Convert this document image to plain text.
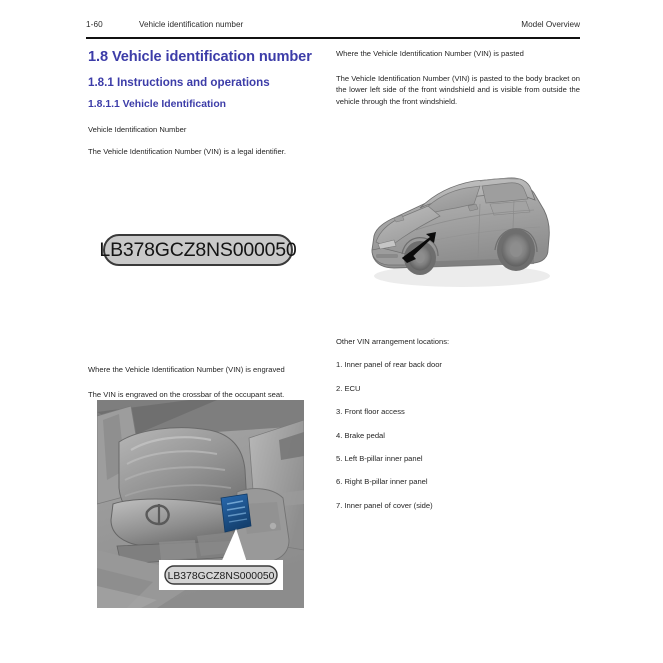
1-60	Vehicle identification number	Model Overview
1.8 Vehicle identification number
1.8.1 Instructions and operations
1.8.1.1 Vehicle Identification

Vehicle Identification Number

The Vehicle Identification Number (VIN) is a legal identifier.

LB378GCZ8NS000050

Where the Vehicle Identification Number (VIN) is pasted

The Vehicle Identification Number (VIN) is pasted to the body bracket on the lower left side of the front windshield and is visible from outside the vehicle through the front windshield.

Other VIN arrangement locations:

1. Inner panel of rear back door
2. ECU
3. Front floor access
4. Brake pedal
5. Left B-pillar inner panel
6. Right B-pillar inner panel
7. Inner panel of cover (side)

Where the Vehicle Identification Number (VIN) is engraved

The VIN is engraved on the crossbar of the occupant seat.

LB378GCZ8NS000050
